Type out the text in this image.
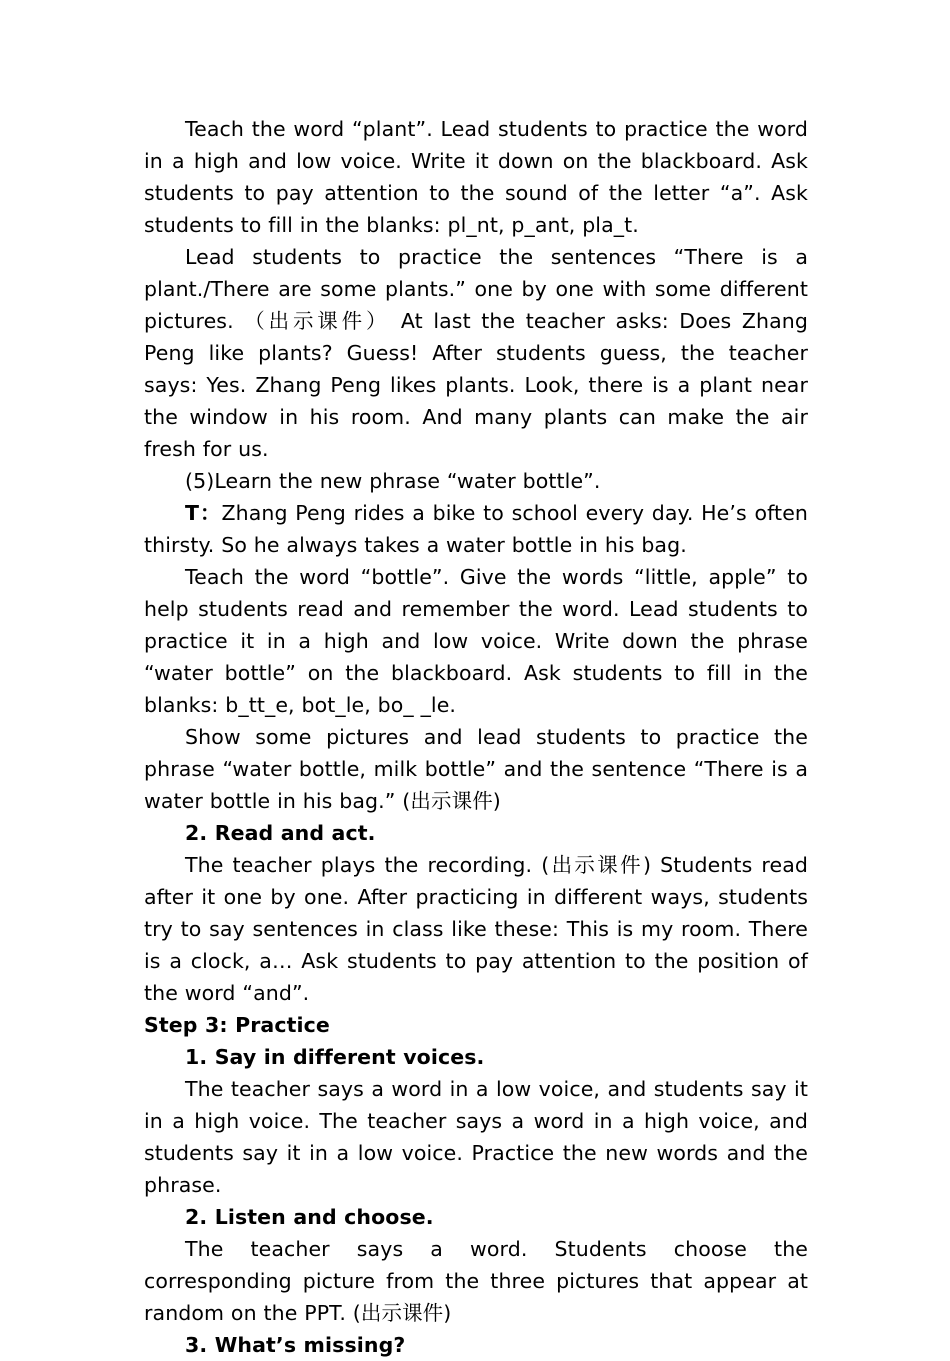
Teach the word “plant”. Lead students to practice the word in a high and low voice. Write it down on the blackboard. Ask students to pay attention to the sound of the letter “a”. Ask students to fill in the blanks: pl_nt, p_ant, pla_t.

Lead students to practice the sentences “There is a plant./There are some plants.” one by one with some different pictures. （出示课件） At last the teacher asks: Does Zhang Peng like plants? Guess! After students guess, the teacher says: Yes. Zhang Peng likes plants. Look, there is a plant near the window in his room. And many plants can make the air fresh for us.

(5)Learn the new phrase “water bottle”.

T：Zhang Peng rides a bike to school every day. He’s often thirsty. So he always takes a water bottle in his bag.

Teach the word “bottle”. Give the words “little, apple” to help students read and remember the word. Lead students to practice it in a high and low voice. Write down the phrase “water bottle” on the blackboard. Ask students to fill in the blanks: b_tt_e, bot_le, bo_ _le.

Show some pictures and lead students to practice the phrase “water bottle, milk bottle” and the sentence “There is a water bottle in his bag.” (出示课件)

2. Read and act.

The teacher plays the recording. (出示课件) Students read after it one by one. After practicing in different ways, students try to say sentences in class like these: This is my room. There is a clock, a… Ask students to pay attention to the position of the word “and”.

Step 3: Practice

1. Say in different voices.

The teacher says a word in a low voice, and students say it in a high voice. The teacher says a word in a high voice, and students say it in a low voice. Practice the new words and the phrase.

2. Listen and choose.

The teacher says a word. Students choose the corresponding picture from the three pictures that appear at random on the PPT. (出示课件)

3. What’s missing?
